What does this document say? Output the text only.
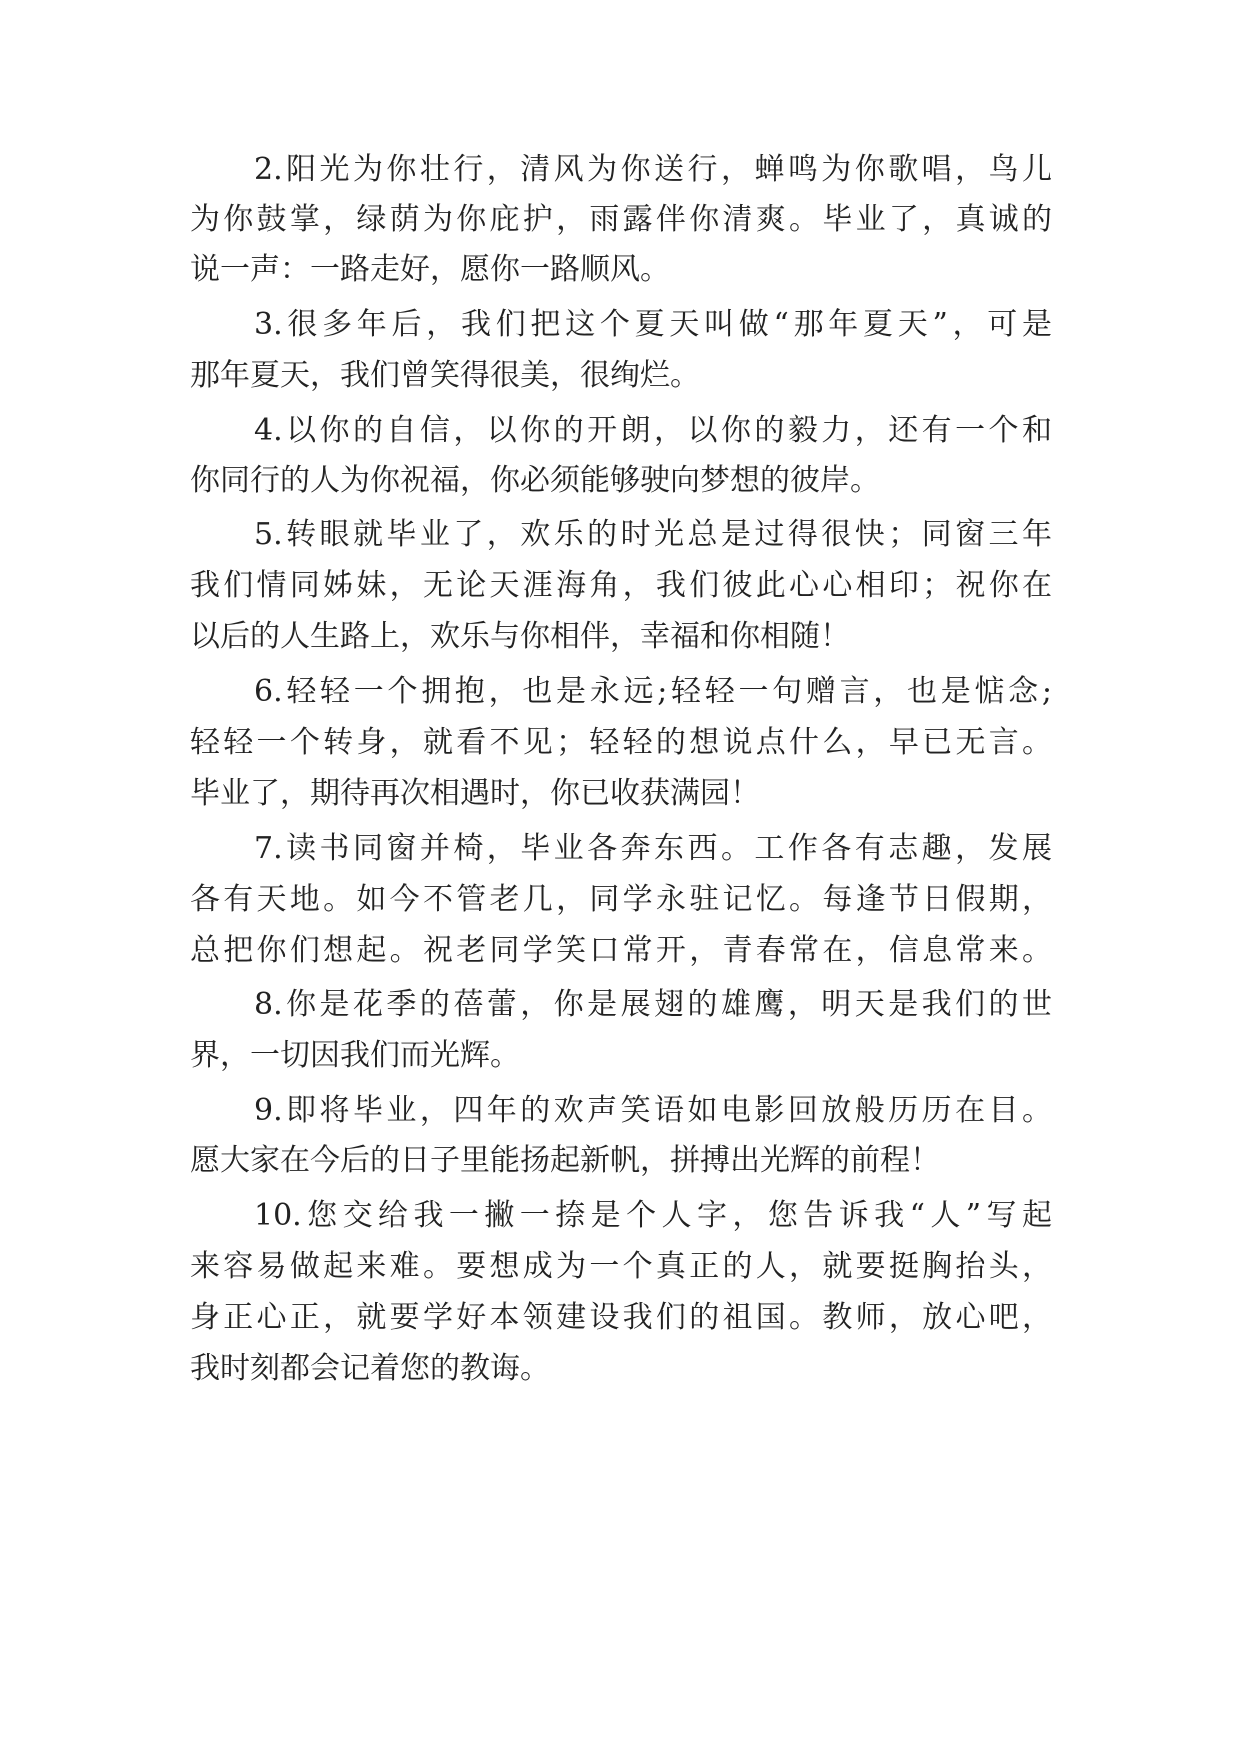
2.阳光为你壮行，清风为你送行，蝉鸣为你歌唱，鸟儿
为你鼓掌，绿荫为你庇护，雨露伴你清爽。毕业了，真诚的
说一声：一路走好，愿你一路顺风。
3.很多年后，我们把这个夏天叫做“那年夏天”，可是
那年夏天，我们曾笑得很美，很绚烂。
4.以你的自信，以你的开朗，以你的毅力，还有一个和
你同行的人为你祝福，你必须能够驶向梦想的彼岸。
5.转眼就毕业了，欢乐的时光总是过得很快；同窗三年
我们情同姊妹，无论天涯海角，我们彼此心心相印；祝你在
以后的人生路上，欢乐与你相伴，幸福和你相随！
6.轻轻一个拥抱，也是永远;轻轻一句赠言，也是惦念;
轻轻一个转身，就看不见；轻轻的想说点什么，早已无言。
毕业了，期待再次相遇时，你已收获满园！
7.读书同窗并椅，毕业各奔东西。工作各有志趣，发展
各有天地。如今不管老几，同学永驻记忆。每逢节日假期，
总把你们想起。祝老同学笑口常开，青春常在，信息常来。
8.你是花季的蓓蕾，你是展翅的雄鹰，明天是我们的世
界，一切因我们而光辉。
9.即将毕业，四年的欢声笑语如电影回放般历历在目。
愿大家在今后的日子里能扬起新帆，拼搏出光辉的前程！
10.您交给我一撇一捺是个人字，您告诉我“人”写起
来容易做起来难。要想成为一个真正的人，就要挺胸抬头，
身正心正，就要学好本领建设我们的祖国。教师，放心吧，
我时刻都会记着您的教诲。
